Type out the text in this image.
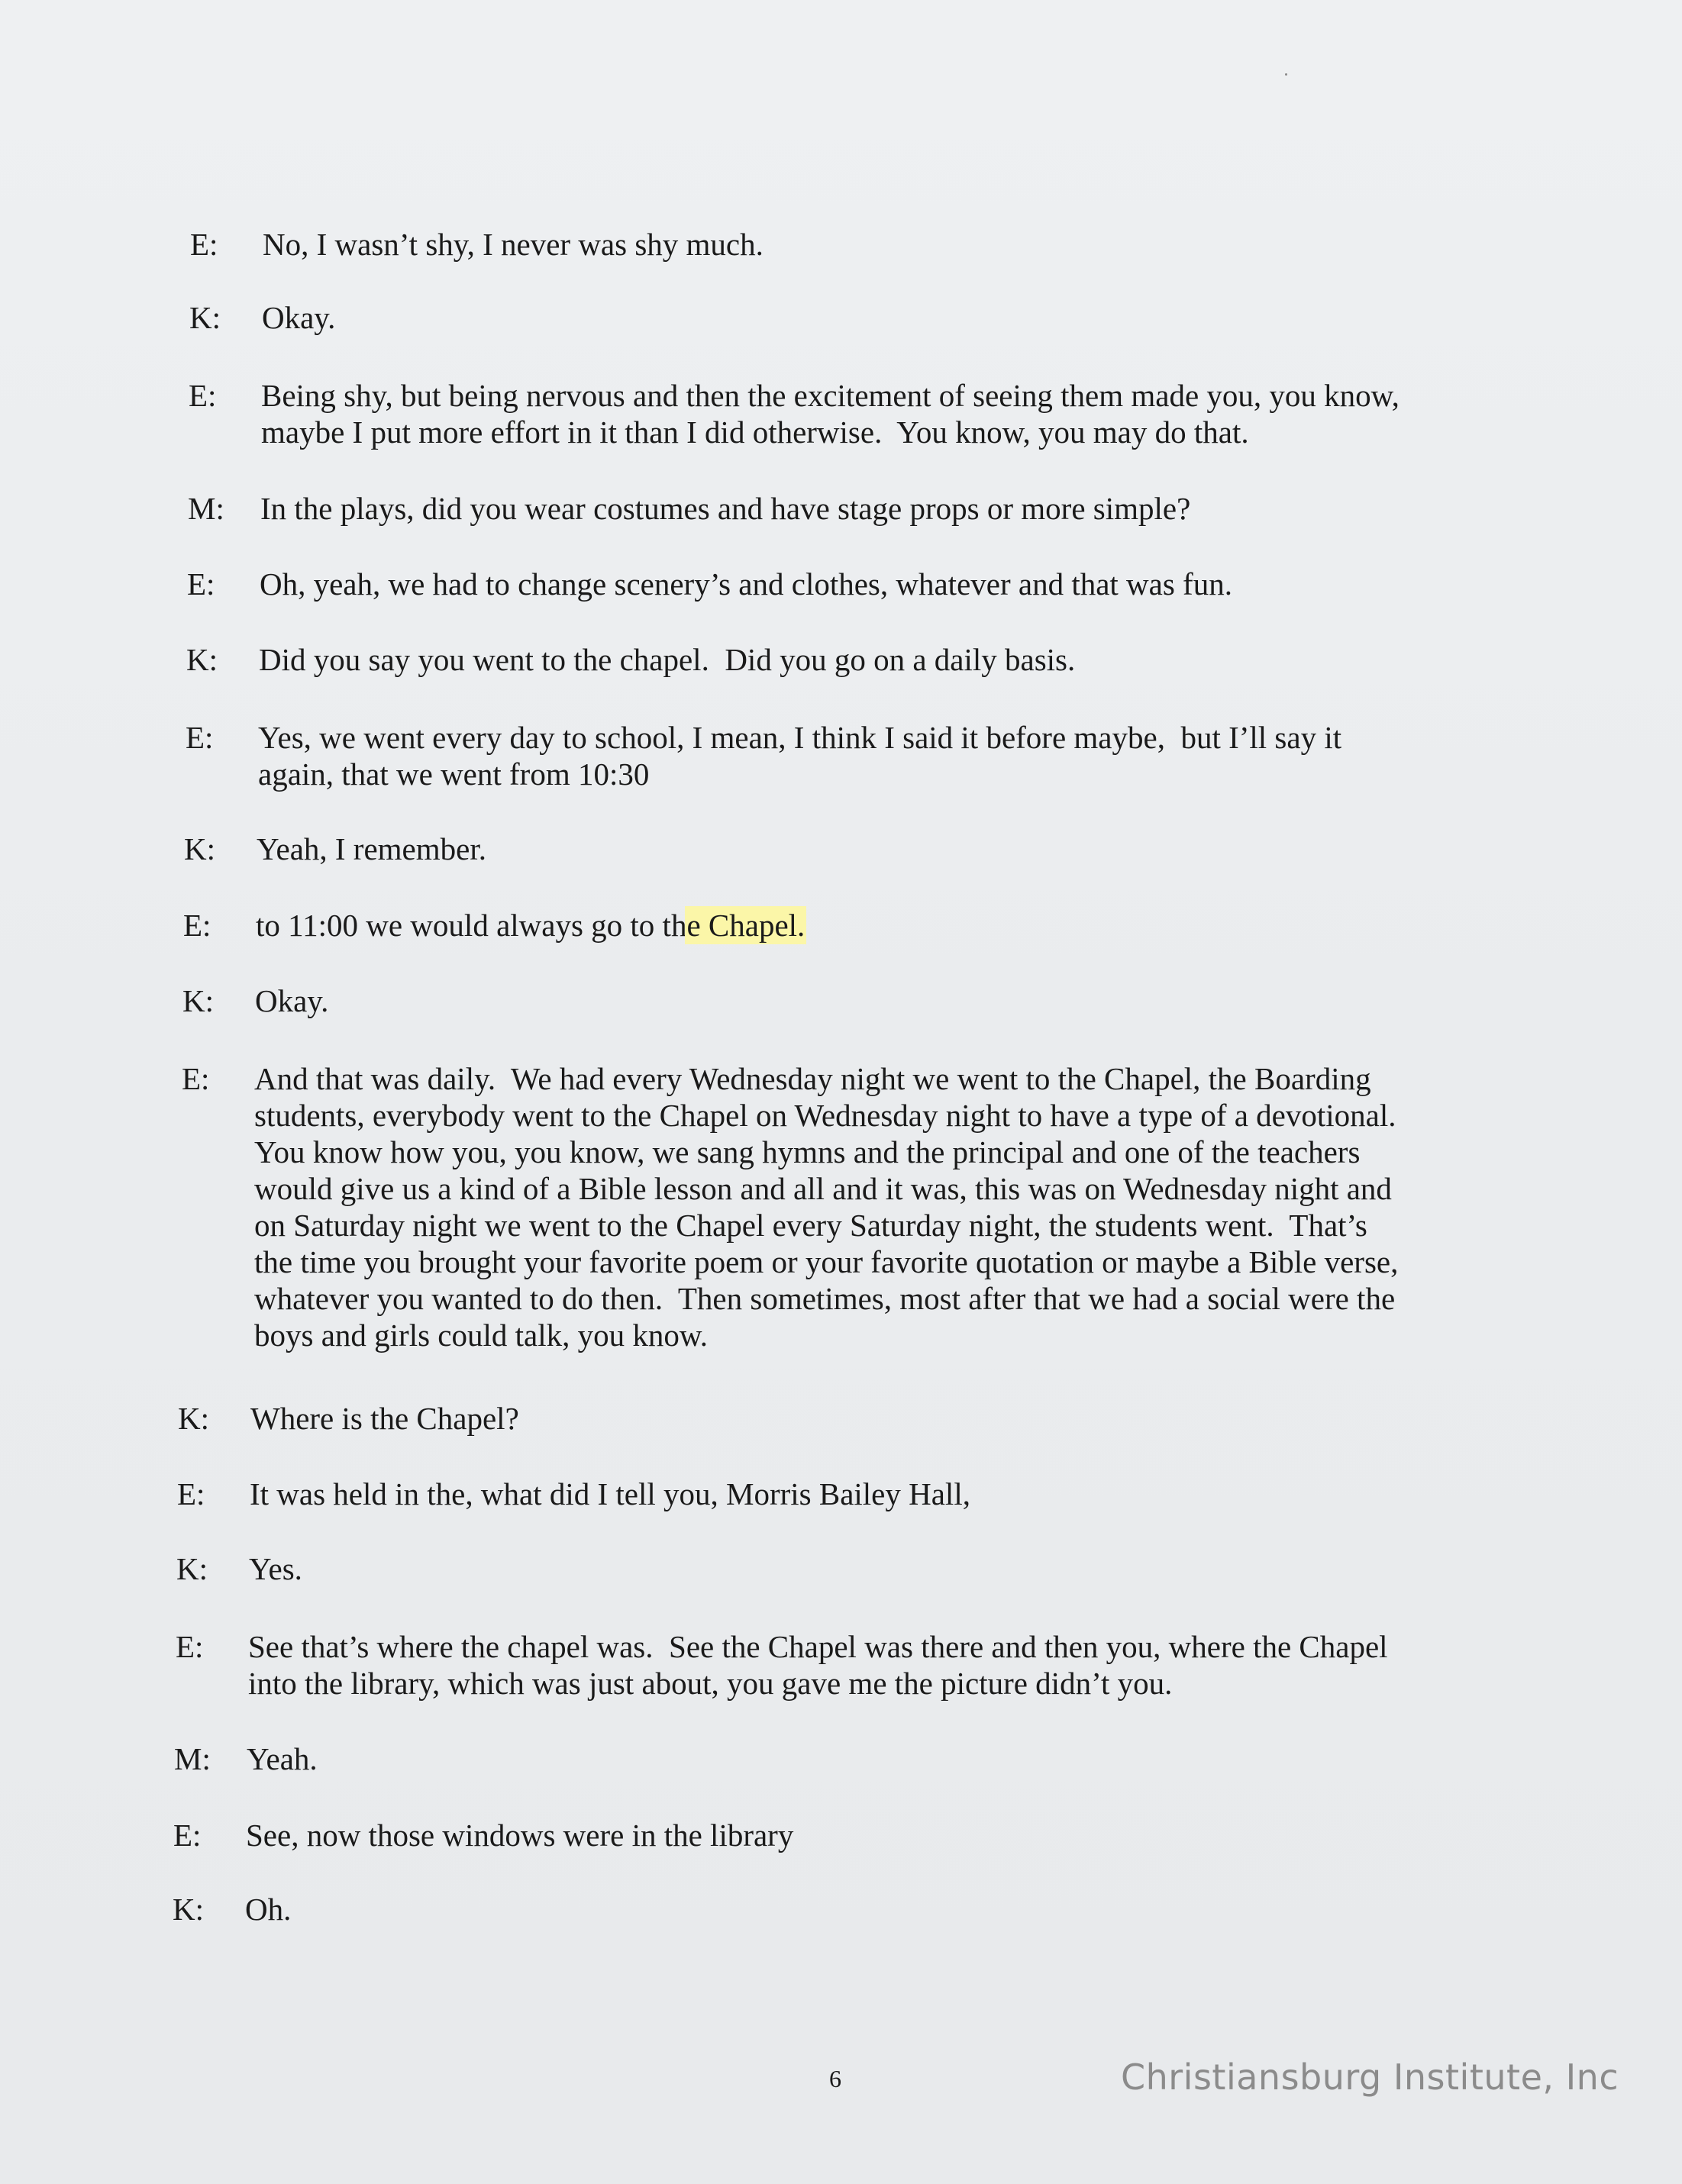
E:	No, I wasn’t shy, I never was shy much.
K:	Okay.
E:	Being shy, but being nervous and then the excitement of seeing them made you, you know,
maybe I put more effort in it than I did otherwise.  You know, you may do that.
M:	In the plays, did you wear costumes and have stage props or more simple?
E:	Oh, yeah, we had to change scenery’s and clothes, whatever and that was fun.
K:	Did you say you went to the chapel.  Did you go on a daily basis.
E:	Yes, we went every day to school, I mean, I think I said it before maybe,  but I’ll say it
again, that we went from 10:30
K:	Yeah, I remember.
E:	to 11:00 we would always go to the Chapel.
K:	Okay.
E:	And that was daily.  We had every Wednesday night we went to the Chapel, the Boarding
students, everybody went to the Chapel on Wednesday night to have a type of a devotional.
You know how you, you know, we sang hymns and the principal and one of the teachers
would give us a kind of a Bible lesson and all and it was, this was on Wednesday night and
on Saturday night we went to the Chapel every Saturday night, the students went.  That’s
the time you brought your favorite poem or your favorite quotation or maybe a Bible verse,
whatever you wanted to do then.  Then sometimes, most after that we had a social were the
boys and girls could talk, you know.
K:	Where is the Chapel?
E:	It was held in the, what did I tell you, Morris Bailey Hall,
K:	Yes.
E:	See that’s where the chapel was.  See the Chapel was there and then you, where the Chapel
into the library, which was just about, you gave me the picture didn’t you.
M:	Yeah.
E:	See, now those windows were in the library
K:	Oh.
6	Christiansburg Institute, Inc
